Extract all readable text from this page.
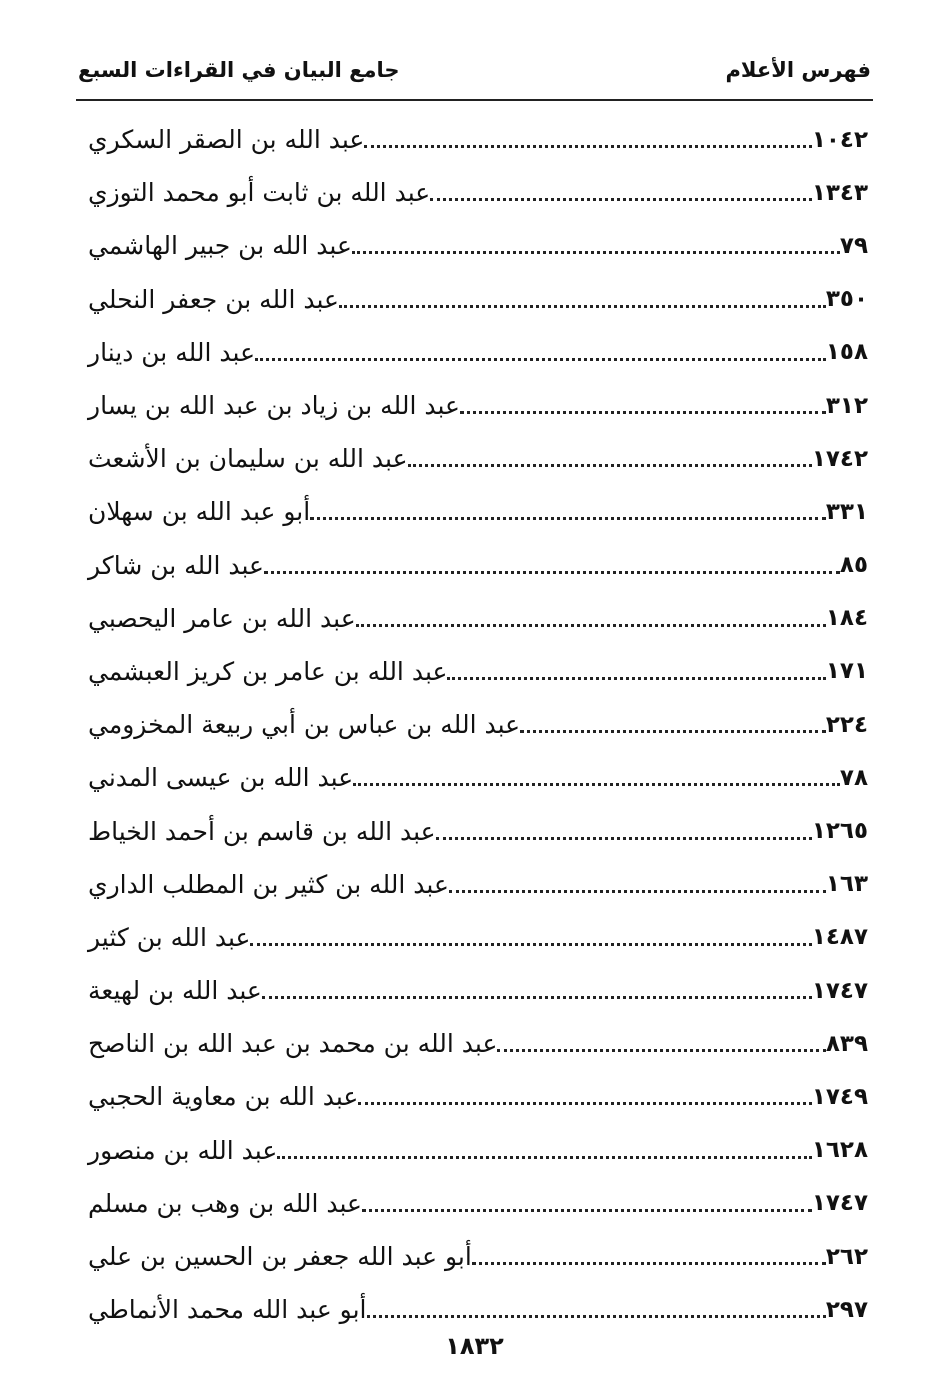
فهرس الأعلام
جامع البيان في القراءات السبع
عبد الله بن الصقر السكري	١٠٤٢
عبد الله بن ثابت أبو محمد التوزي	١٣٤٣
عبد الله بن جبير الهاشمي	٧٩
عبد الله بن جعفر النحلي	٣٥٠
عبد الله بن دينار	١٥٨
عبد الله بن زياد بن عبد الله بن يسار	٣١٢
عبد الله بن سليمان بن الأشعث	١٧٤٢
أبو عبد الله بن سهلان	٣٣١
عبد الله بن شاكر	٨٥
عبد الله بن عامر اليحصبي	١٨٤
عبد الله بن عامر بن كريز العبشمي	١٧١
عبد الله بن عباس بن أبي ربيعة المخزومي	٢٢٤
عبد الله بن عيسى المدني	٧٨
عبد الله بن قاسم بن أحمد الخياط	١٢٦٥
عبد الله بن كثير بن المطلب الداري	١٦٣
عبد الله بن كثير	١٤٨٧
عبد الله بن لهيعة	١٧٤٧
عبد الله بن محمد بن عبد الله بن الناصح	٨٣٩
عبد الله بن معاوية الحجبي	١٧٤٩
عبد الله بن منصور	١٦٢٨
عبد الله بن وهب بن مسلم	١٧٤٧
أبو عبد الله جعفر بن الحسين بن علي	٢٦٢
أبو عبد الله محمد الأنماطي	٢٩٧
١٨٣٢
